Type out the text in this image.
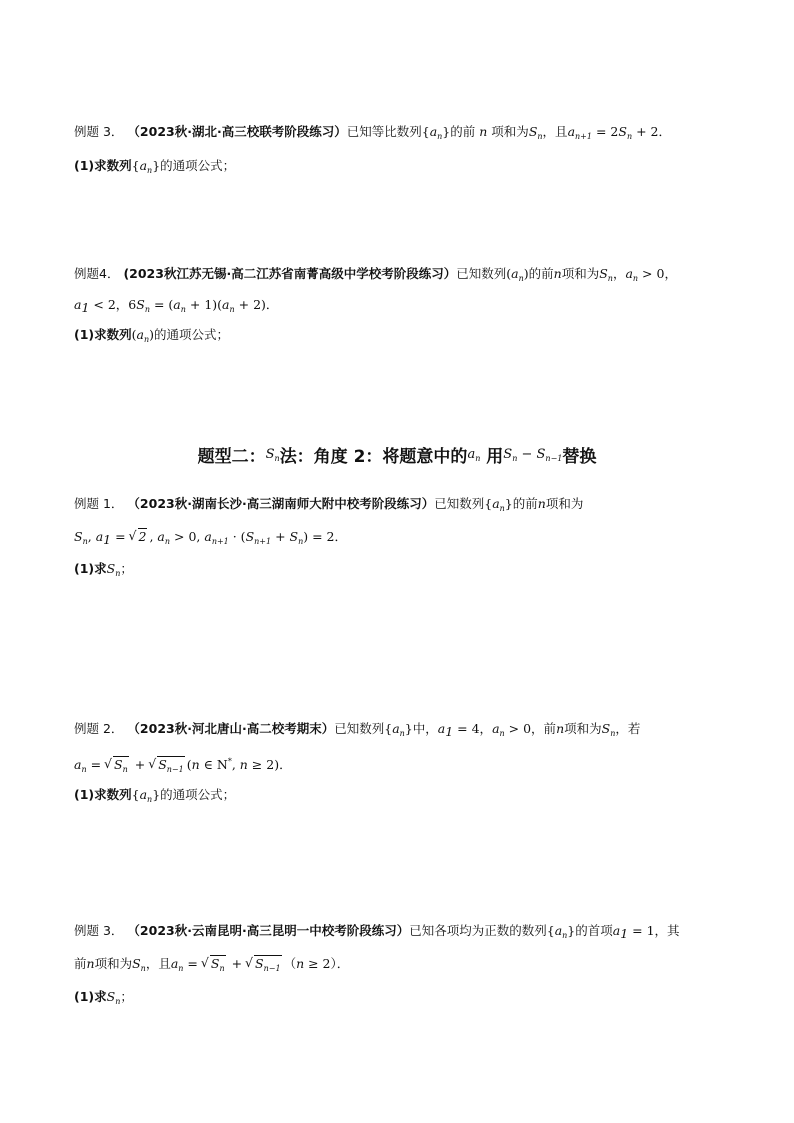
例题 3． （2023秋·湖北·高三校联考阶段练习）已知等比数列$\{a_n\}$的前 n 项和为$S_n$，且$a_{n+1} = 2S_n + 2$．
(1)求数列$\{a_n\}$的通项公式；
例题4． (2023秋江苏无锡·高二江苏省南菁高级中学校考阶段练习）已知数列$(a_n)$的前n项和为$S_n$，$a_n > 0$，
$a_1 < 2$，$6S_n = (a_n + 1)(a_n + 2)$．
(1)求数列$(a_n)$的通项公式；
题型二：$^{S_n}$法：角度 2：将题意中的$^{a_n}$ 用$^{S_n - S_{n-1}}$替换
例题 1． （2023秋·湖南长沙·高三湖南师大附中校考阶段练习）已知数列$\{a_n\}$的前n项和为
$S_n$, $a_1$ = √ 2 , $a_n > 0$, $a_{n+1} \cdot (S_{n+1} + S_n) = 2$．
(1)求$S_n$；
例题 2． （2023秋·河北唐山·高二校考期末）已知数列$\{a_n\}$中，$a_1 = 4$，$a_n > 0$，前n项和为$S_n$，若
$a_n$ = √ $S_n$ + √ $S_{n-1}$ (n ∈ N*, n ≥ 2)．
(1)求数列$\{a_n\}$的通项公式；
例题 3． （2023秋·云南昆明·高三昆明一中校考阶段练习）已知各项均为正数的数列$\{a_n\}$的首项$a_1 = 1$，其
前n项和为$S_n$，且$a_n$ = √ $S_n$ + √ $S_{n-1}$ （n ≥ 2）．
(1)求$S_n$；
